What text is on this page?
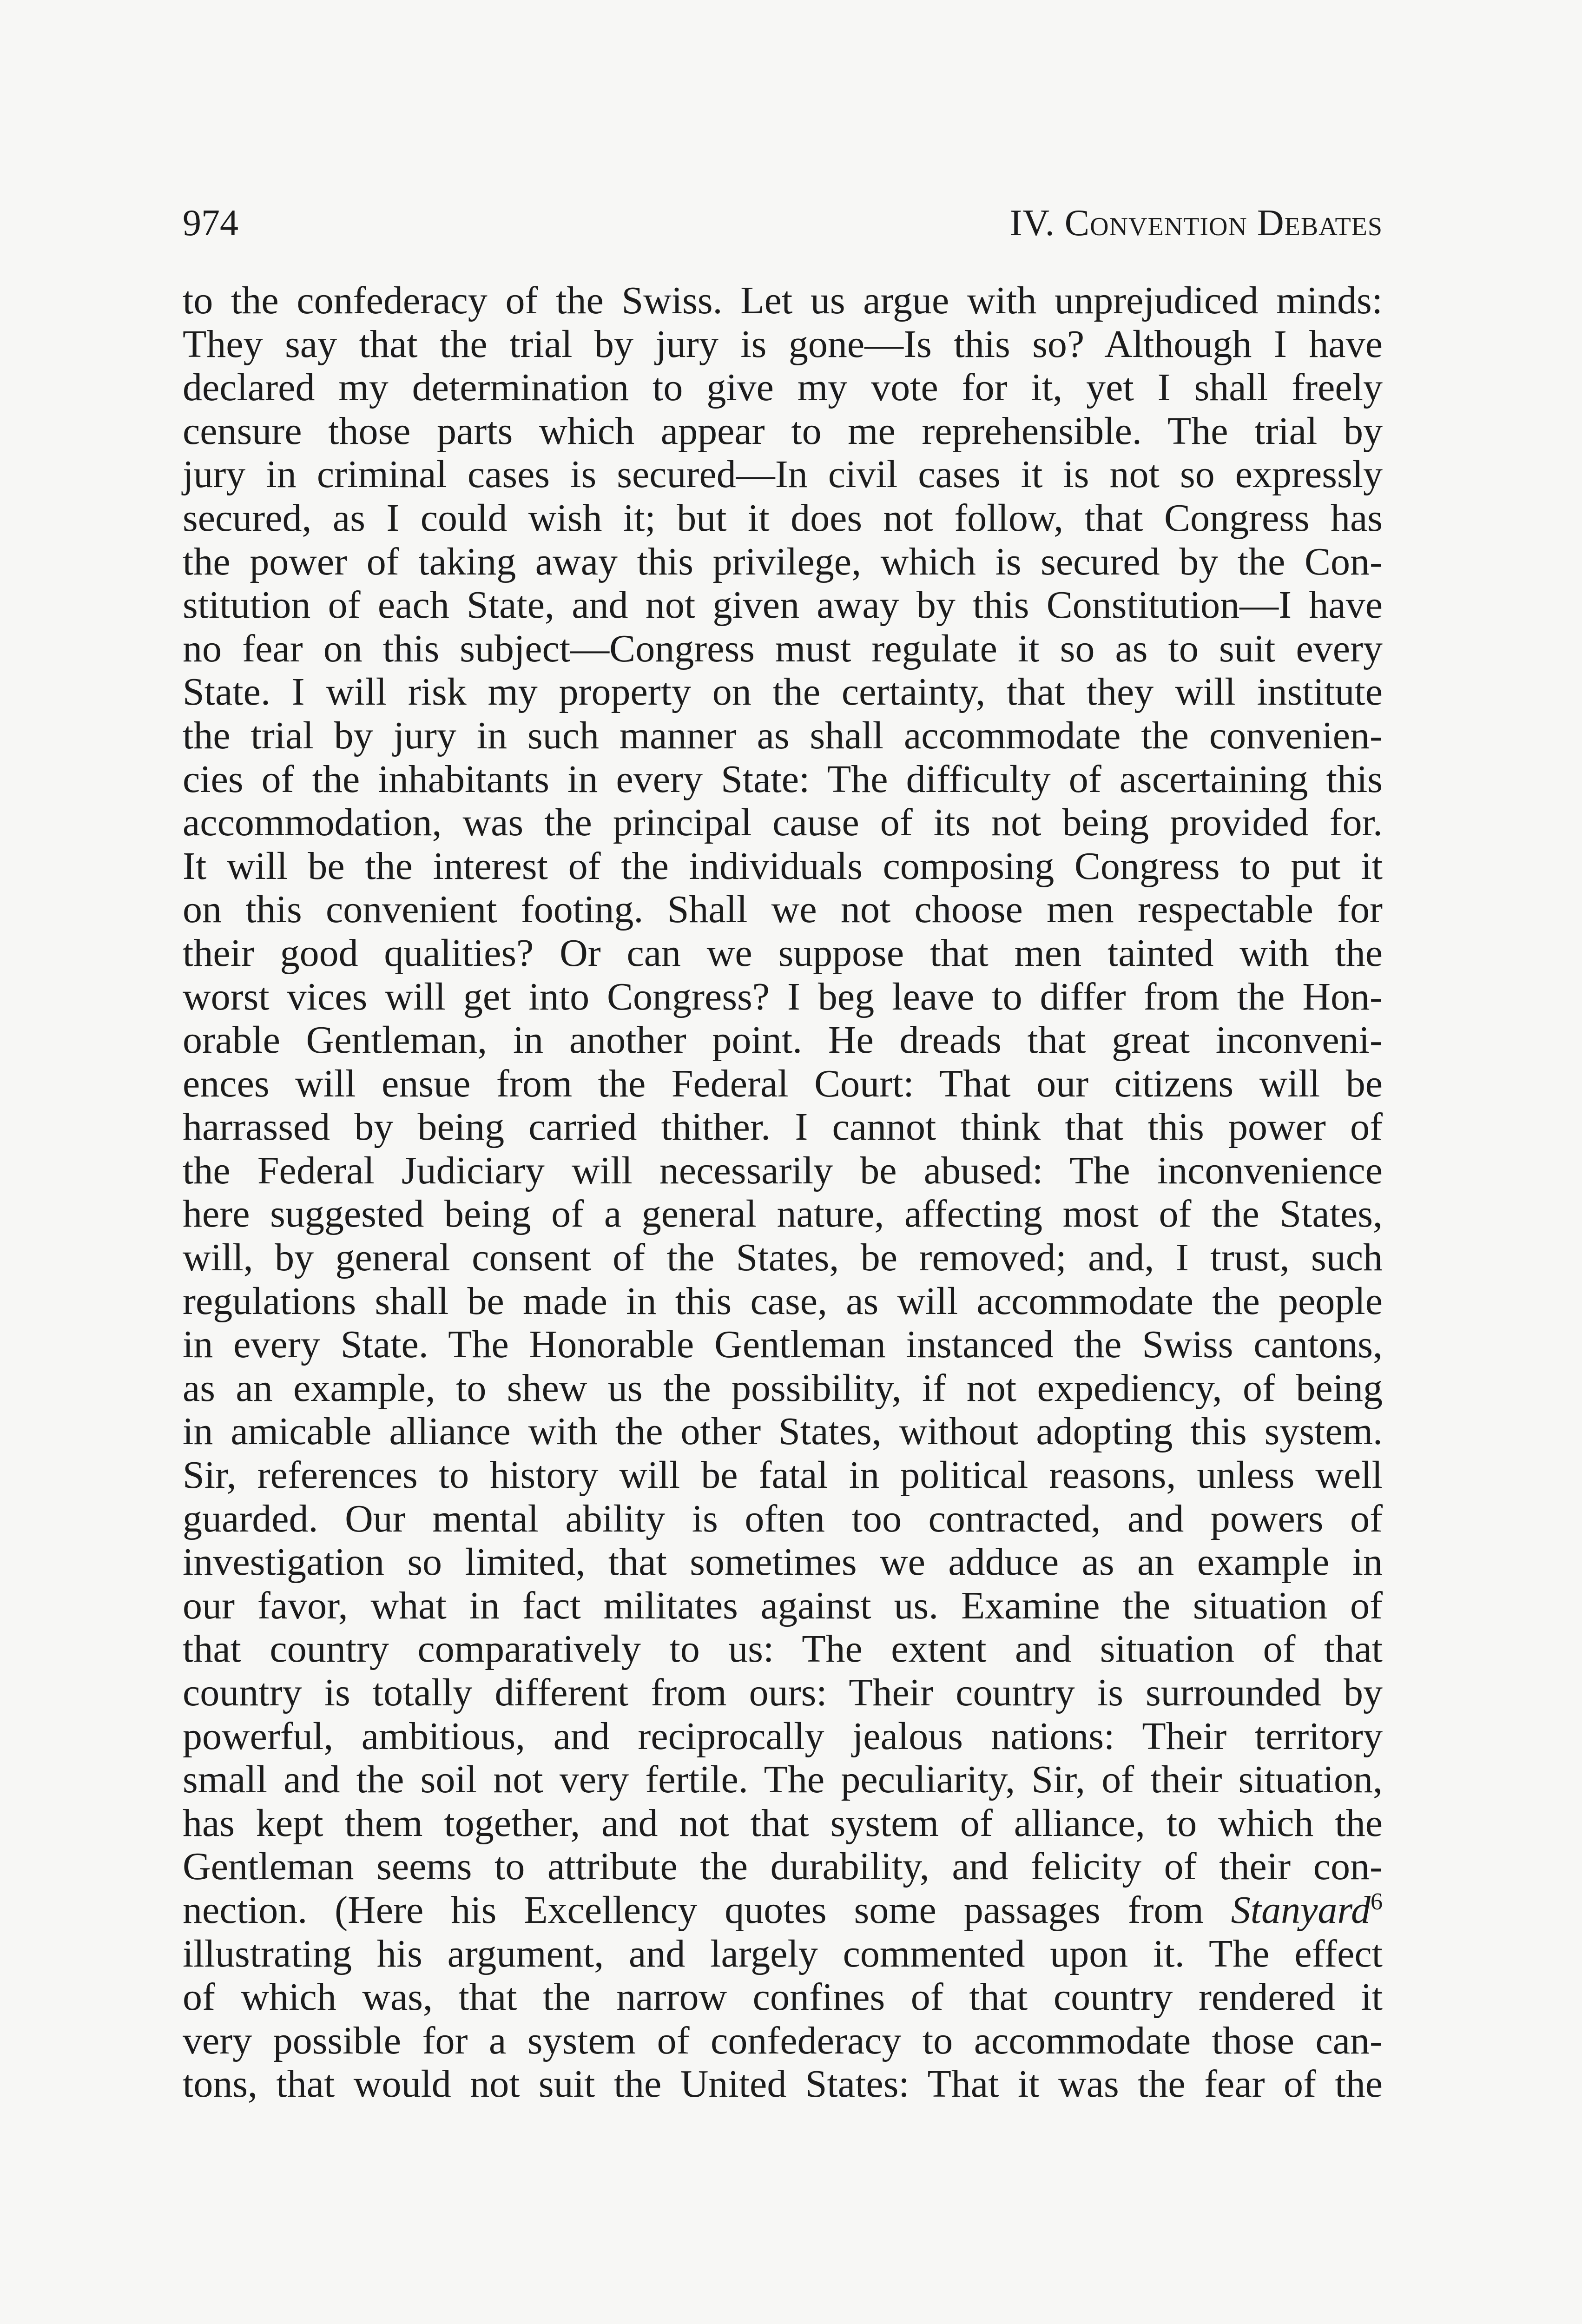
974	IV. Convention Debates
to the confederacy of the Swiss. Let us argue with unprejudiced minds:
They say that the trial by jury is gone—Is this so? Although I have
declared my determination to give my vote for it, yet I shall freely
censure those parts which appear to me reprehensible. The trial by
jury in criminal cases is secured—In civil cases it is not so expressly
secured, as I could wish it; but it does not follow, that Congress has
the power of taking away this privilege, which is secured by the Con-
stitution of each State, and not given away by this Constitution—I have
no fear on this subject—Congress must regulate it so as to suit every
State. I will risk my property on the certainty, that they will institute
the trial by jury in such manner as shall accommodate the convenien-
cies of the inhabitants in every State: The difficulty of ascertaining this
accommodation, was the principal cause of its not being provided for.
It will be the interest of the individuals composing Congress to put it
on this convenient footing. Shall we not choose men respectable for
their good qualities? Or can we suppose that men tainted with the
worst vices will get into Congress? I beg leave to differ from the Hon-
orable Gentleman, in another point. He dreads that great inconveni-
ences will ensue from the Federal Court: That our citizens will be
harrassed by being carried thither. I cannot think that this power of
the Federal Judiciary will necessarily be abused: The inconvenience
here suggested being of a general nature, affecting most of the States,
will, by general consent of the States, be removed; and, I trust, such
regulations shall be made in this case, as will accommodate the people
in every State. The Honorable Gentleman instanced the Swiss cantons,
as an example, to shew us the possibility, if not expediency, of being
in amicable alliance with the other States, without adopting this system.
Sir, references to history will be fatal in political reasons, unless well
guarded. Our mental ability is often too contracted, and powers of
investigation so limited, that sometimes we adduce as an example in
our favor, what in fact militates against us. Examine the situation of
that country comparatively to us: The extent and situation of that
country is totally different from ours: Their country is surrounded by
powerful, ambitious, and reciprocally jealous nations: Their territory
small and the soil not very fertile. The peculiarity, Sir, of their situation,
has kept them together, and not that system of alliance, to which the
Gentleman seems to attribute the durability, and felicity of their con-
nection. (Here his Excellency quotes some passages from Stanyard$^6$
illustrating his argument, and largely commented upon it. The effect
of which was, that the narrow confines of that country rendered it
very possible for a system of confederacy to accommodate those can-
tons, that would not suit the United States: That it was the fear of the
